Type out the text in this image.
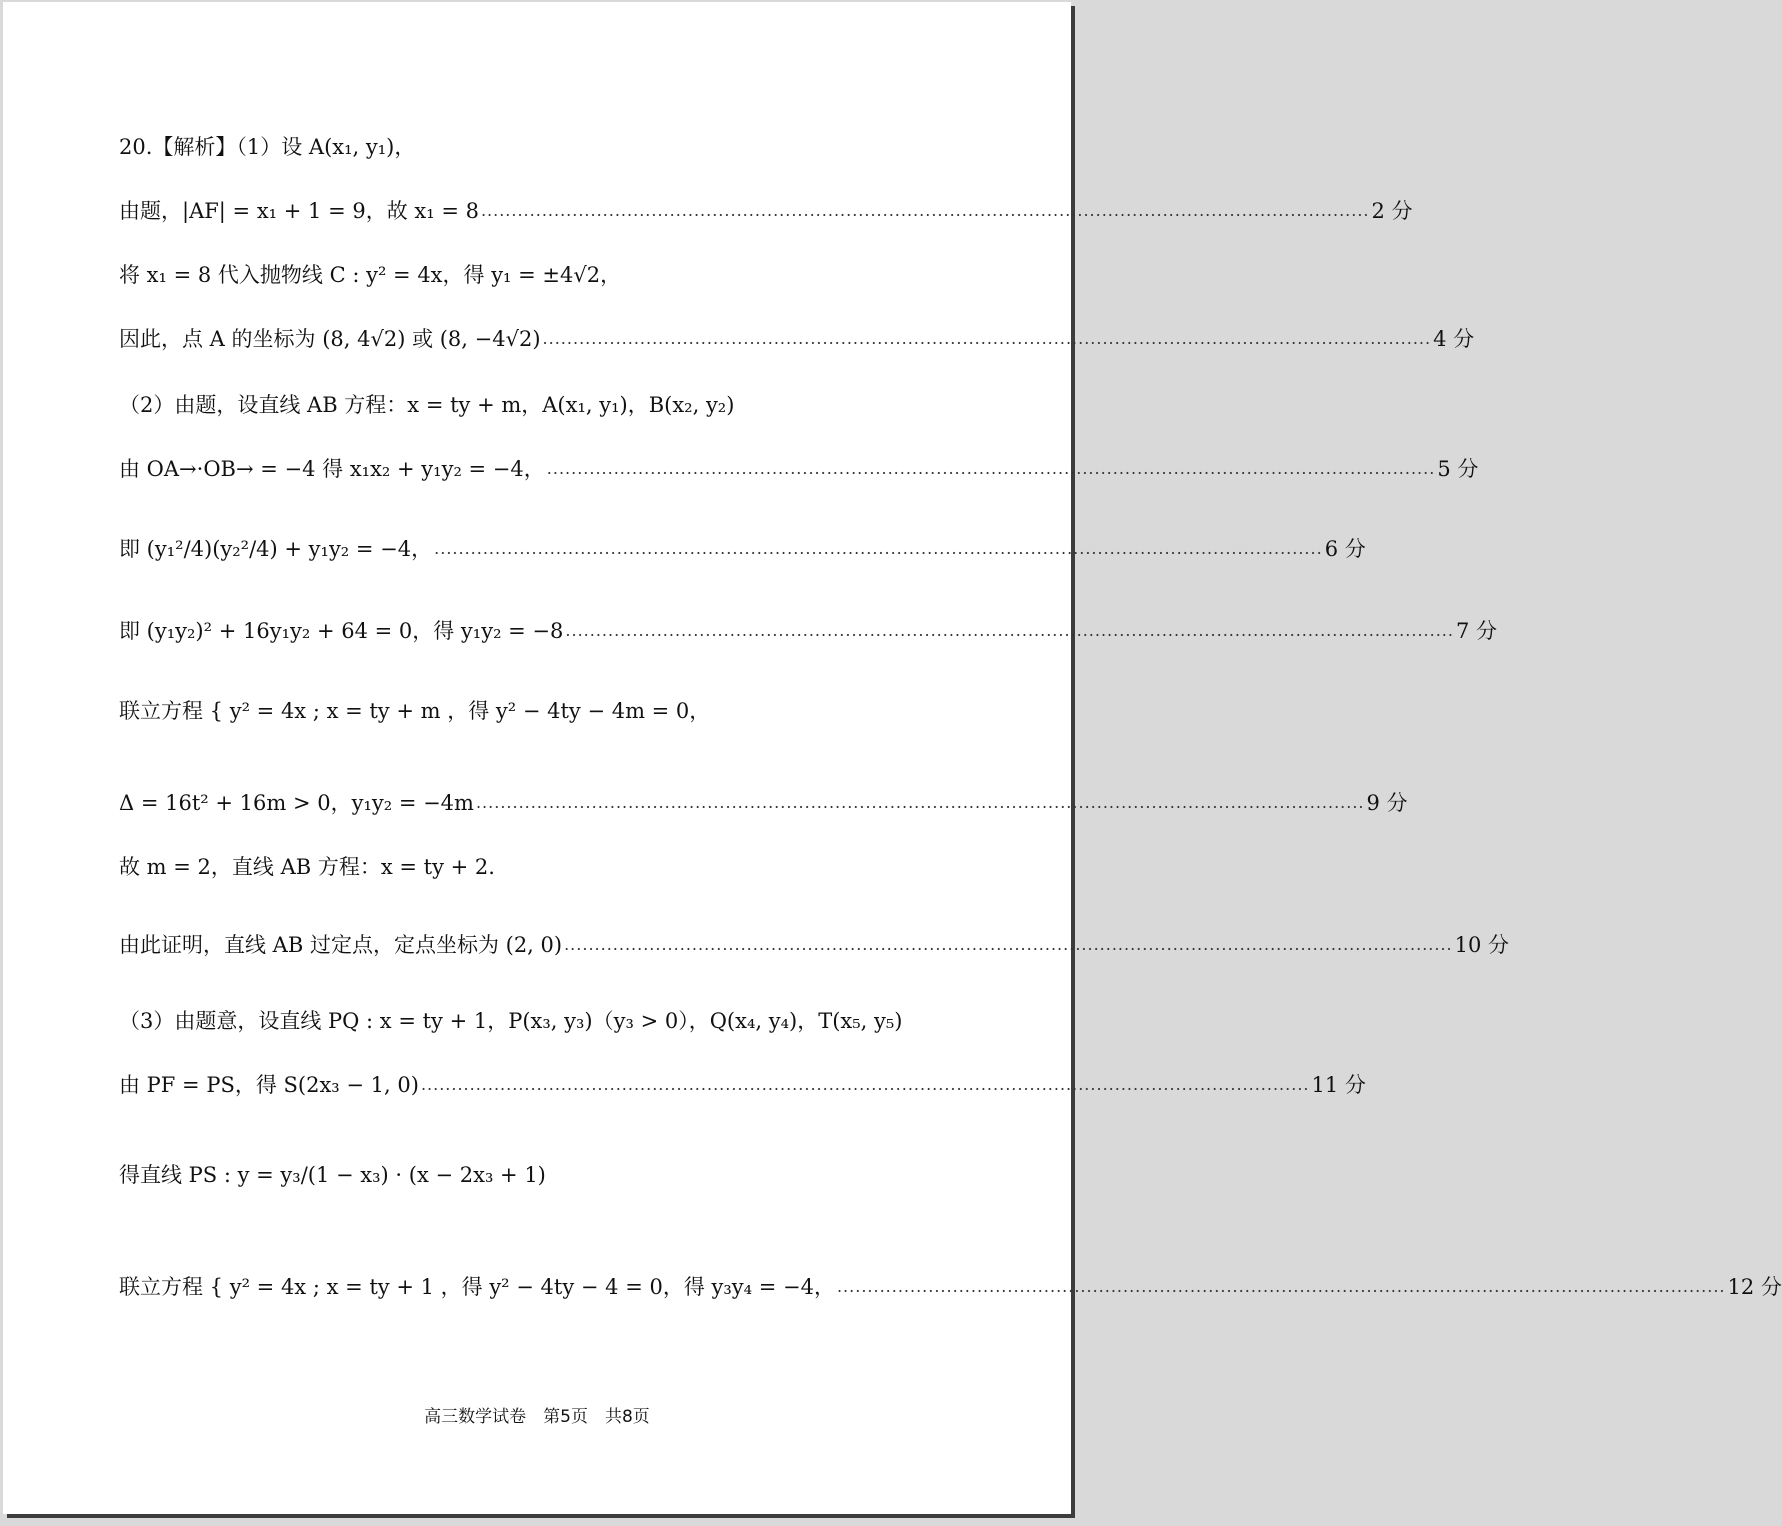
20.【解析】（1）设 A(x₁, y₁)，
由题，|AF| = x₁ + 1 = 9，故 x₁ = 8 .................................................................................................................................................. 2 分
将 x₁ = 8 代入抛物线 C : y² = 4x，得 y₁ = ±4√2，
因此，点 A 的坐标为 (8, 4√2) 或 (8, −4√2) .................................................................................................................................................. 4 分
（2）由题，设直线 AB 方程：x = ty + m，A(x₁, y₁)，B(x₂, y₂)
由 OA→·OB→ = −4 得 x₁x₂ + y₁y₂ = −4， .................................................................................................................................................. 5 分
即 (y₁²/4)(y₂²/4) + y₁y₂ = −4， .................................................................................................................................................. 6 分
即 (y₁y₂)² + 16y₁y₂ + 64 = 0，得 y₁y₂ = −8 .................................................................................................................................................. 7 分
联立方程 { y² = 4x ; x = ty + m ，得 y² − 4ty − 4m = 0，
Δ = 16t² + 16m > 0，y₁y₂ = −4m .................................................................................................................................................. 9 分
故 m = 2，直线 AB 方程：x = ty + 2.
由此证明，直线 AB 过定点，定点坐标为 (2, 0) .................................................................................................................................................. 10 分
（3）由题意，设直线 PQ : x = ty + 1，P(x₃, y₃)（y₃ > 0），Q(x₄, y₄)，T(x₅, y₅)
由 PF = PS，得 S(2x₃ − 1, 0) .................................................................................................................................................. 11 分
得直线 PS : y = y₃/(1 − x₃) · (x − 2x₃ + 1)
联立方程 { y² = 4x ; x = ty + 1 ，得 y² − 4ty − 4 = 0，得 y₃y₄ = −4， .................................................................................................................................................. 12 分
高三数学试卷　第5页　共8页
